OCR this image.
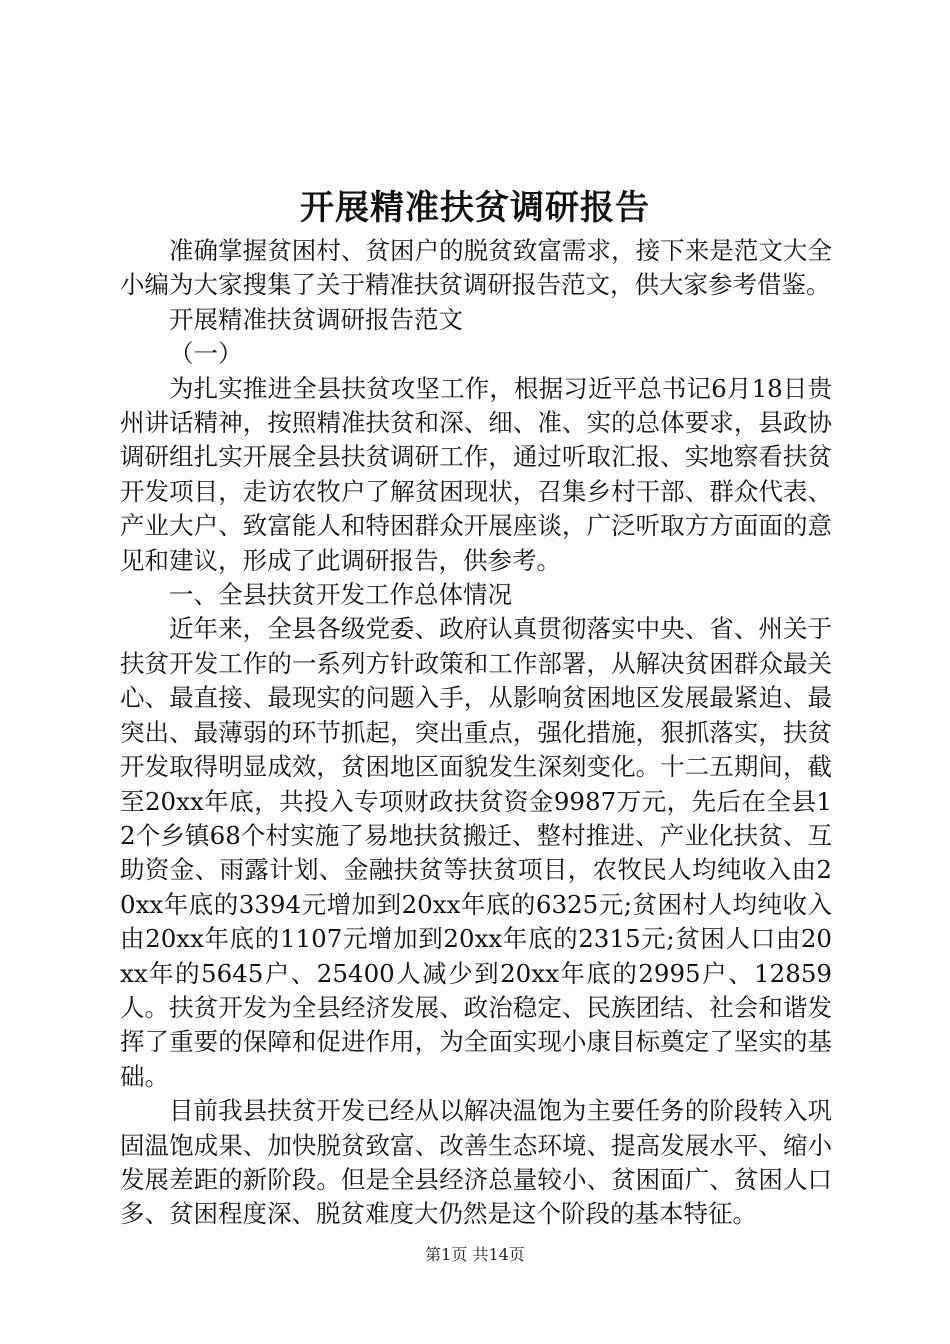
开展精准扶贫调研报告

准确掌握贫困村、贫困户的脱贫致富需求，接下来是范文大全小编为大家搜集了关于精准扶贫调研报告范文，供大家参考借鉴。

开展精准扶贫调研报告范文

（一）

为扎实推进全县扶贫攻坚工作，根据习近平总书记6月18日贵州讲话精神，按照精准扶贫和深、细、准、实的总体要求，县政协调研组扎实开展全县扶贫调研工作，通过听取汇报、实地察看扶贫开发项目，走访农牧户了解贫困现状，召集乡村干部、群众代表、产业大户、致富能人和特困群众开展座谈，广泛听取方方面面的意见和建议，形成了此调研报告，供参考。

一、全县扶贫开发工作总体情况

近年来，全县各级党委、政府认真贯彻落实中央、省、州关于扶贫开发工作的一系列方针政策和工作部署，从解决贫困群众最关心、最直接、最现实的问题入手，从影响贫困地区发展最紧迫、最突出、最薄弱的环节抓起，突出重点，强化措施，狠抓落实，扶贫开发取得明显成效，贫困地区面貌发生深刻变化。十二五期间，截至20xx年底，共投入专项财政扶贫资金9987万元，先后在全县12个乡镇68个村实施了易地扶贫搬迁、整村推进、产业化扶贫、互助资金、雨露计划、金融扶贫等扶贫项目，农牧民人均纯收入由20xx年底的3394元增加到20xx年底的6325元;贫困村人均纯收入由20xx年底的1107元增加到20xx年底的2315元;贫困人口由20xx年的5645户、25400人减少到20xx年底的2995户、12859人。扶贫开发为全县经济发展、政治稳定、民族团结、社会和谐发挥了重要的保障和促进作用，为全面实现小康目标奠定了坚实的基础。

目前我县扶贫开发已经从以解决温饱为主要任务的阶段转入巩固温饱成果、加快脱贫致富、改善生态环境、提高发展水平、缩小发展差距的新阶段。但是全县经济总量较小、贫困面广、贫困人口多、贫困程度深、脱贫难度大仍然是这个阶段的基本特征。

第1页 共14页
